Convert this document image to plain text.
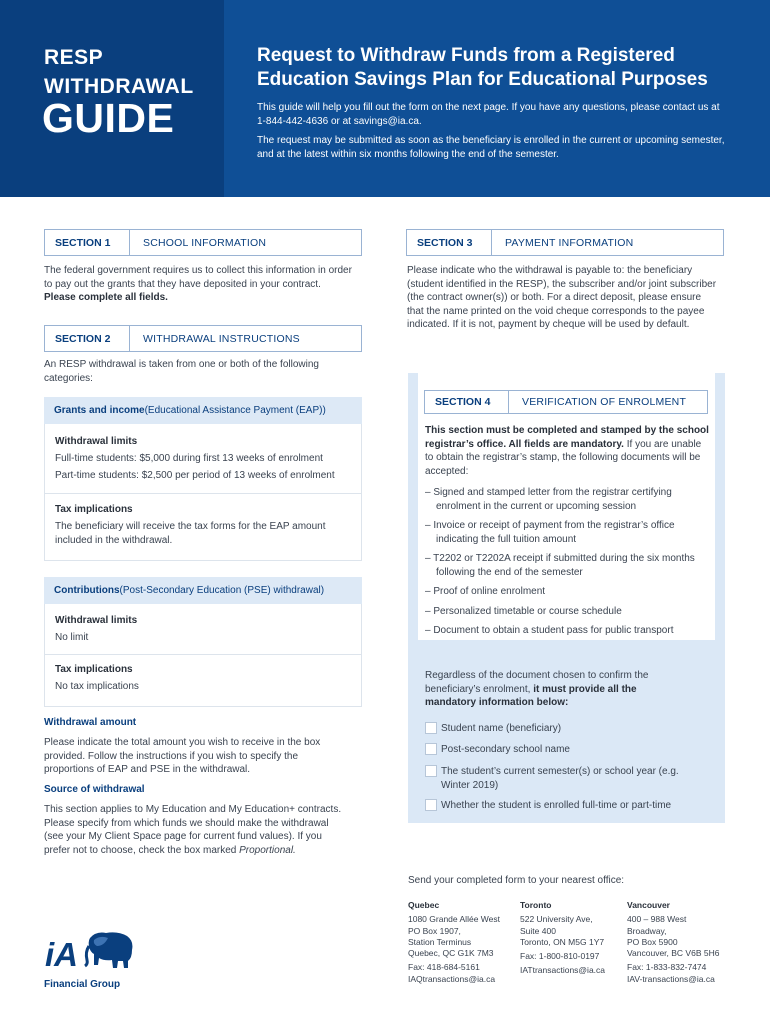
RESP
WITHDRAWAL
GUIDE
Request to Withdraw Funds from a Registered
Education Savings Plan for Educational Purposes
This guide will help you fill out the form on the next page. If you have any questions, please contact us at 1-844-442-4636 or at savings@ia.ca.
The request may be submitted as soon as the beneficiary is enrolled in the current or upcoming semester, and at the latest within six months following the end of the semester.
SECTION 1	SCHOOL INFORMATION
The federal government requires us to collect this information in order to pay out the grants that they have deposited in your contract. Please complete all fields.
SECTION 2	WITHDRAWAL INSTRUCTIONS
An RESP withdrawal is taken from one or both of the following categories:
Grants and income (Educational Assistance Payment (EAP))
Withdrawal limits
Full-time students: $5,000 during first 13 weeks of enrolment
Part-time students: $2,500 per period of 13 weeks of enrolment
Tax implications
The beneficiary will receive the tax forms for the EAP amount included in the withdrawal.
Contributions (Post-Secondary Education (PSE) withdrawal)
Withdrawal limits
No limit
Tax implications
No tax implications
Withdrawal amount
Please indicate the total amount you wish to receive in the box provided. Follow the instructions if you wish to specify the proportions of EAP and PSE in the withdrawal.
Source of withdrawal
This section applies to My Education and My Education+ contracts. Please specify from which funds we should make the withdrawal (see your My Client Space page for current fund values). If you prefer not to choose, check the box marked Proportional.
SECTION 3	PAYMENT INFORMATION
Please indicate who the withdrawal is payable to: the beneficiary (student identified in the RESP), the subscriber and/or joint subscriber (the contract owner(s)) or both. For a direct deposit, please ensure that the name printed on the void cheque corresponds to the payee indicated. If it is not, payment by cheque will be used by default.
SECTION 4	VERIFICATION OF ENROLMENT
This section must be completed and stamped by the school registrar’s office. All fields are mandatory. If you are unable to obtain the registrar’s stamp, the following documents will be accepted:
– Signed and stamped letter from the registrar certifying enrolment in the current or upcoming session
– Invoice or receipt of payment from the registrar’s office indicating the full tuition amount
– T2202 or T2202A receipt if submitted during the six months following the end of the semester
– Proof of online enrolment
– Personalized timetable or course schedule
– Document to obtain a student pass for public transport
Regardless of the document chosen to confirm the beneficiary’s enrolment, it must provide all the mandatory information below:
Student name (beneficiary)
Post-secondary school name
The student’s current semester(s) or school year (e.g. Winter 2019)
Whether the student is enrolled full-time or part-time
Send your completed form to your nearest office:
Quebec
1080 Grande Allée West
PO Box 1907,
Station Terminus
Quebec, QC G1K 7M3
Fax: 418-684-5161
IAQtransactions@ia.ca
Toronto
522 University Ave,
Suite 400
Toronto, ON M5G 1Y7
Fax: 1-800-810-0197
IATtransactions@ia.ca
Vancouver
400 – 988 West
Broadway,
PO Box 5900
Vancouver, BC V6B 5H6
Fax: 1-833-832-7474
IAV-transactions@ia.ca
iA
Financial Group
